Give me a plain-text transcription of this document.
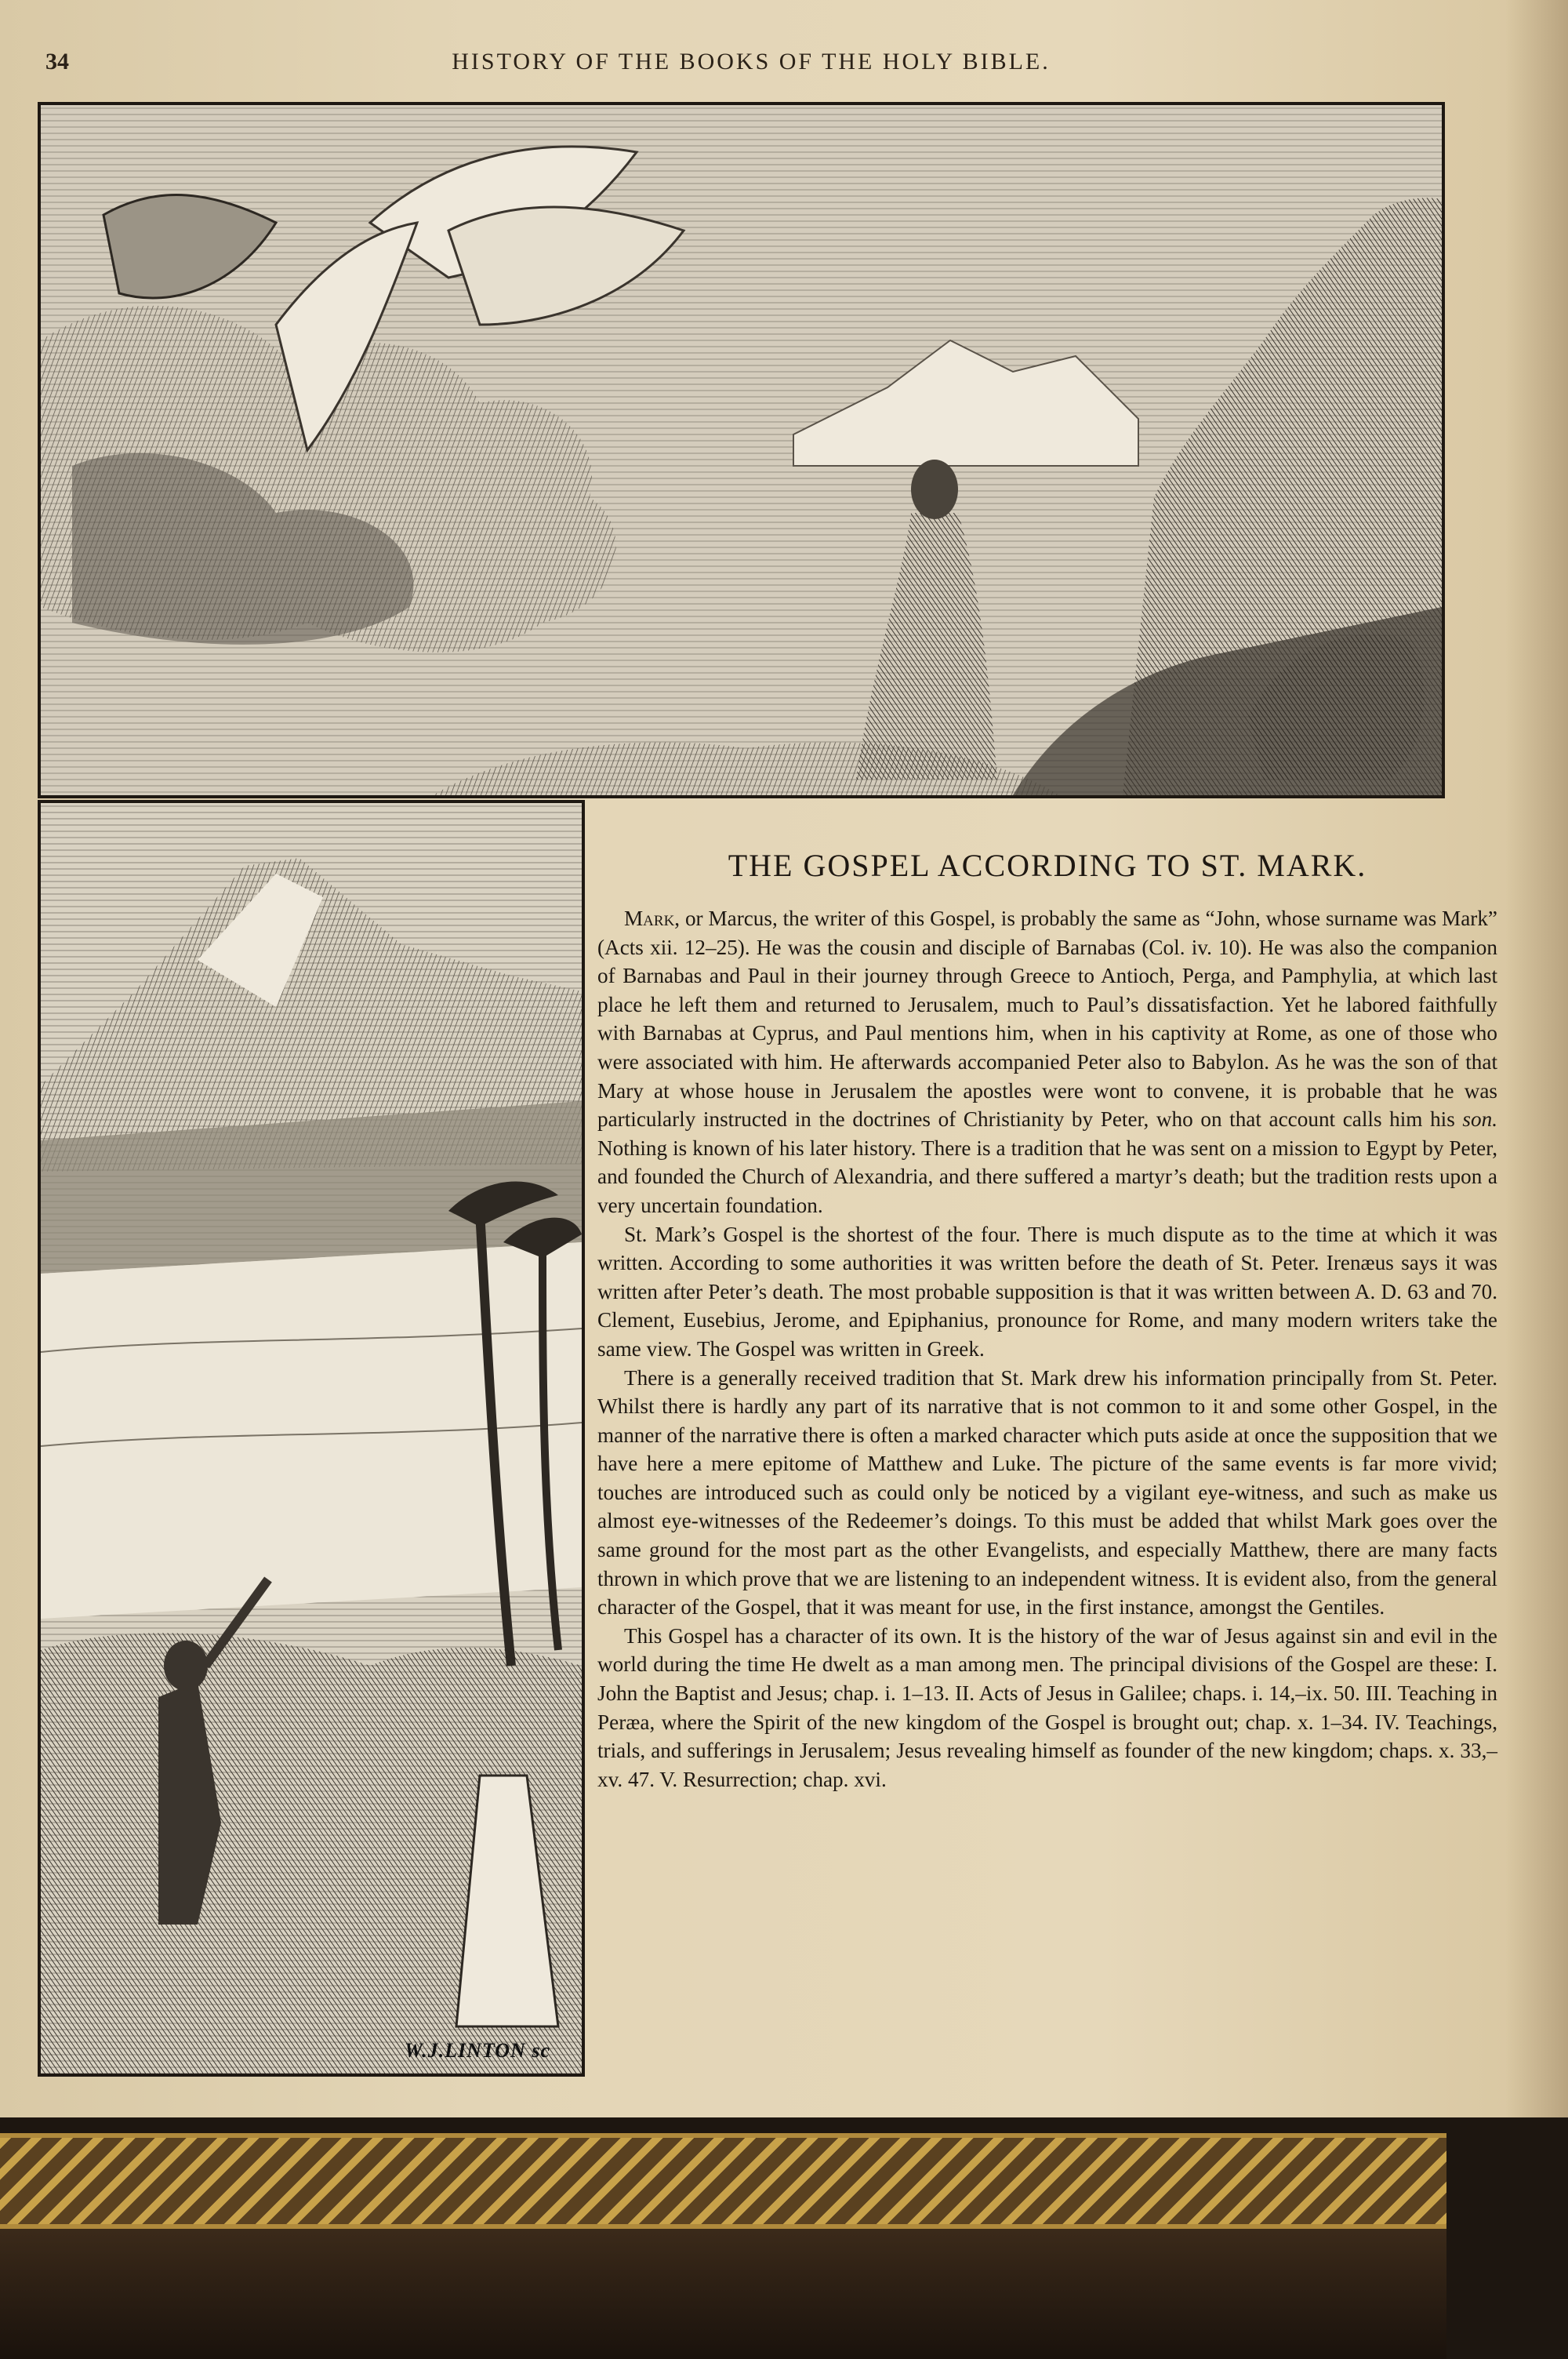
34	HISTORY OF THE BOOKS OF THE HOLY BIBLE.
W.J.LINTON sc
THE GOSPEL ACCORDING TO ST. MARK.

Mark, or Marcus, the writer of this Gospel, is probably the same as “John, whose surname was Mark” (Acts xii. 12–25). He was the cousin and disciple of Barnabas (Col. iv. 10). He was also the companion of Barnabas and Paul in their journey through Greece to Antioch, Perga, and Pamphylia, at which last place he left them and returned to Jerusalem, much to Paul’s dissatisfaction. Yet he labored faithfully with Barnabas at Cyprus, and Paul mentions him, when in his captivity at Rome, as one of those who were associated with him. He afterwards accompanied Peter also to Babylon. As he was the son of that Mary at whose house in Jerusalem the apostles were wont to convene, it is probable that he was particularly instructed in the doctrines of Christianity by Peter, who on that account calls him his son. Nothing is known of his later history. There is a tradition that he was sent on a mission to Egypt by Peter, and founded the Church of Alexandria, and there suffered a martyr’s death; but the tradition rests upon a very uncertain foundation.

St. Mark’s Gospel is the shortest of the four. There is much dispute as to the time at which it was written. According to some authorities it was written before the death of St. Peter. Irenæus says it was written after Peter’s death. The most probable supposition is that it was written between A. D. 63 and 70. Clement, Eusebius, Jerome, and Epiphanius, pronounce for Rome, and many modern writers take the same view. The Gospel was written in Greek.

There is a generally received tradition that St. Mark drew his information principally from St. Peter. Whilst there is hardly any part of its narrative that is not common to it and some other Gospel, in the manner of the narrative there is often a marked character which puts aside at once the supposition that we have here a mere epitome of Matthew and Luke. The picture of the same events is far more vivid; touches are introduced such as could only be noticed by a vigilant eye-witness, and such as make us almost eye-witnesses of the Redeemer’s doings. To this must be added that whilst Mark goes over the same ground for the most part as the other Evangelists, and especially Matthew, there are many facts thrown in which prove that we are listening to an independent witness. It is evident also, from the general character of the Gospel, that it was meant for use, in the first instance, amongst the Gentiles.

This Gospel has a character of its own. It is the history of the war of Jesus against sin and evil in the world during the time He dwelt as a man among men. The principal divisions of the Gospel are these: I. John the Baptist and Jesus; chap. i. 1–13. II. Acts of Jesus in Galilee; chaps. i. 14,–ix. 50. III. Teaching in Peræa, where the Spirit of the new kingdom of the Gospel is brought out; chap. x. 1–34. IV. Teachings, trials, and sufferings in Jerusalem; Jesus revealing himself as founder of the new kingdom; chaps. x. 33,–xv. 47. V. Resurrection; chap. xvi.
